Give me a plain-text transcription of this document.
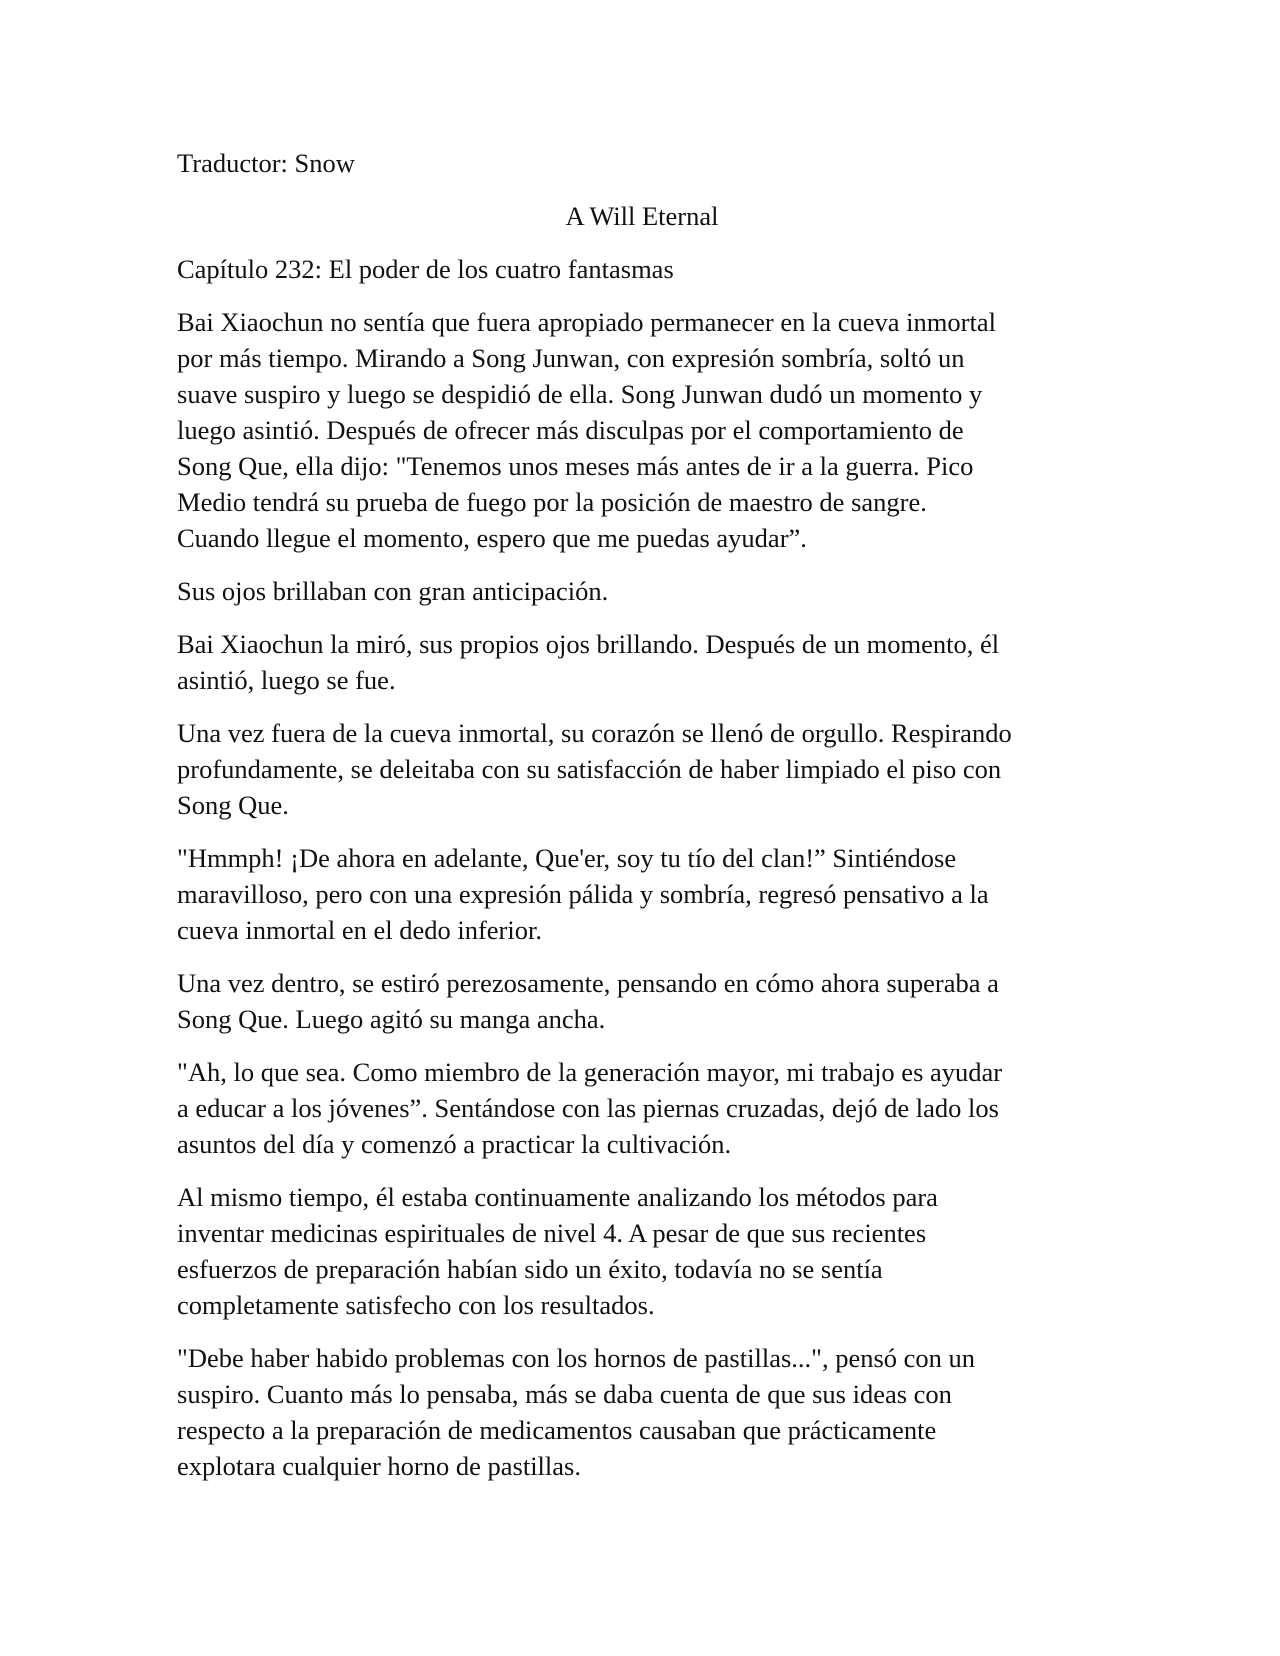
Traductor: Snow
A Will Eternal
Capítulo 232: El poder de los cuatro fantasmas
Bai Xiaochun no sentía que fuera apropiado permanecer en la cueva inmortal
por más tiempo. Mirando a Song Junwan, con expresión sombría, soltó un
suave suspiro y luego se despidió de ella. Song Junwan dudó un momento y
luego asintió. Después de ofrecer más disculpas por el comportamiento de
Song Que, ella dijo: "Tenemos unos meses más antes de ir a la guerra. Pico
Medio tendrá su prueba de fuego por la posición de maestro de sangre.
Cuando llegue el momento, espero que me puedas ayudar”.
Sus ojos brillaban con gran anticipación.
Bai Xiaochun la miró, sus propios ojos brillando. Después de un momento, él
asintió, luego se fue.
Una vez fuera de la cueva inmortal, su corazón se llenó de orgullo. Respirando
profundamente, se deleitaba con su satisfacción de haber limpiado el piso con
Song Que.
"Hmmph! ¡De ahora en adelante, Que'er, soy tu tío del clan!” Sintiéndose
maravilloso, pero con una expresión pálida y sombría, regresó pensativo a la
cueva inmortal en el dedo inferior.
Una vez dentro, se estiró perezosamente, pensando en cómo ahora superaba a
Song Que. Luego agitó su manga ancha.
"Ah, lo que sea. Como miembro de la generación mayor, mi trabajo es ayudar
a educar a los jóvenes”. Sentándose con las piernas cruzadas, dejó de lado los
asuntos del día y comenzó a practicar la cultivación.
Al mismo tiempo, él estaba continuamente analizando los métodos para
inventar medicinas espirituales de nivel 4. A pesar de que sus recientes
esfuerzos de preparación habían sido un éxito, todavía no se sentía
completamente satisfecho con los resultados.
"Debe haber habido problemas con los hornos de pastillas...", pensó con un
suspiro. Cuanto más lo pensaba, más se daba cuenta de que sus ideas con
respecto a la preparación de medicamentos causaban que prácticamente
explotara cualquier horno de pastillas.
